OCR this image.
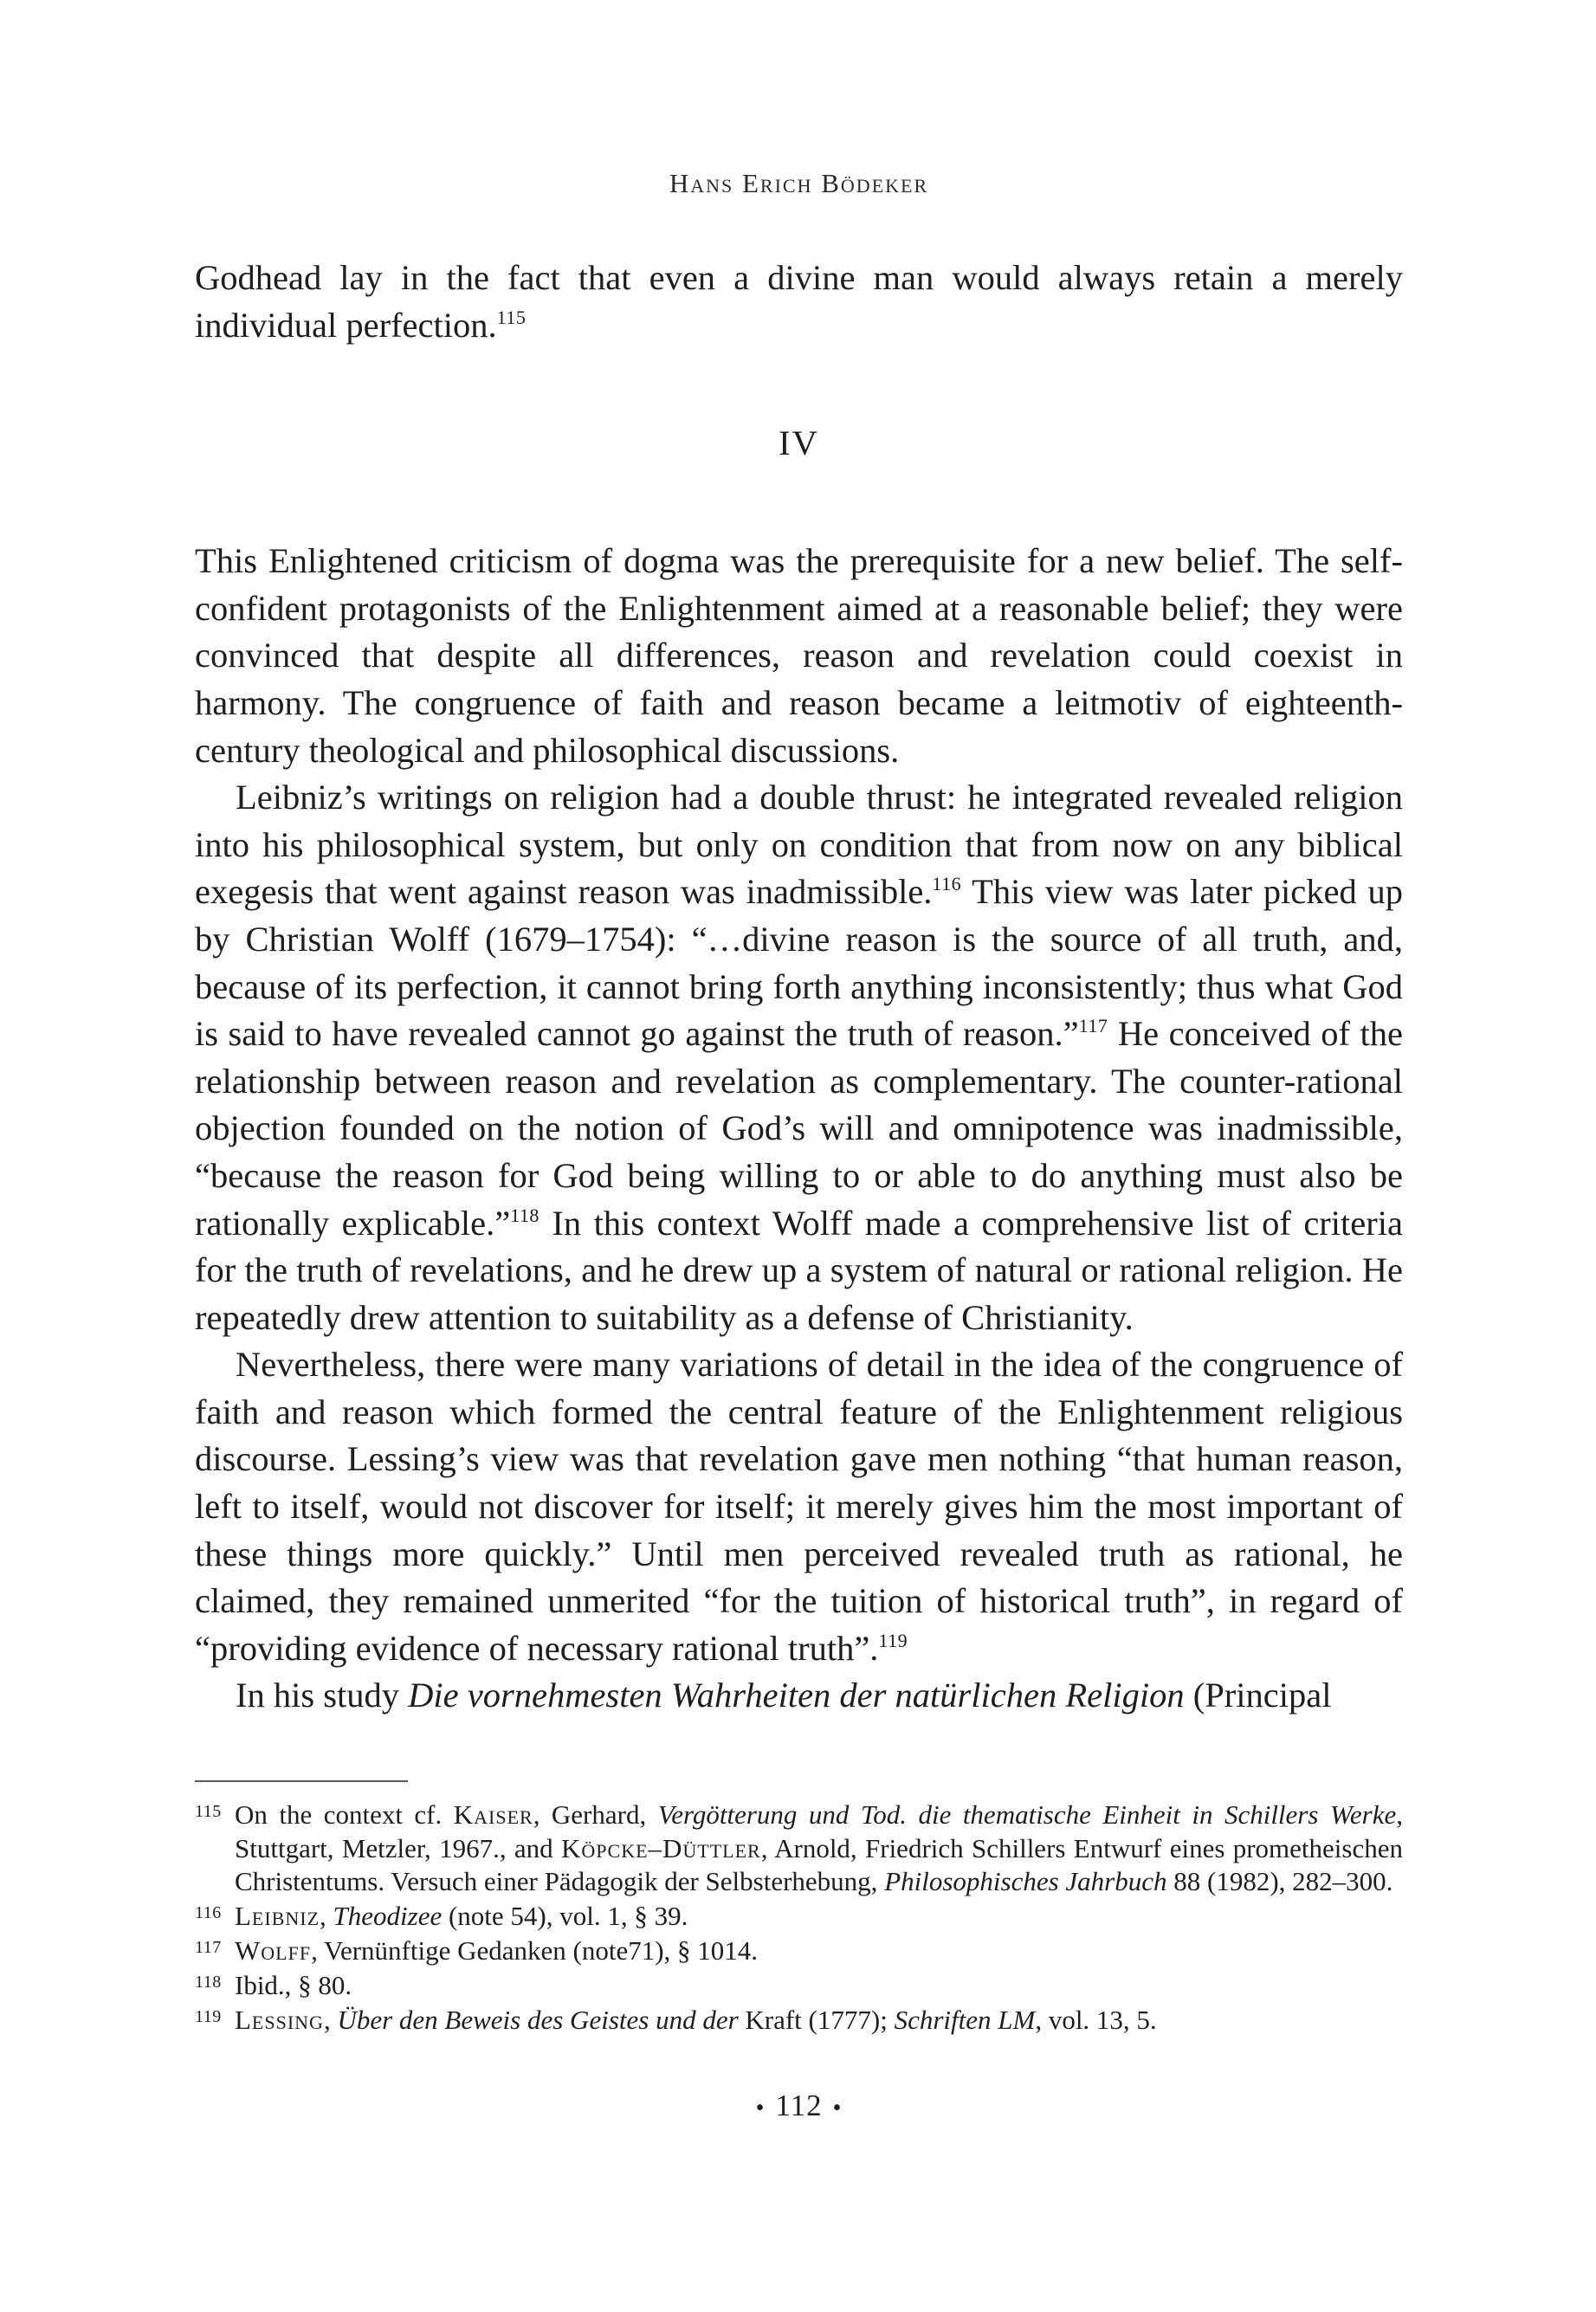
Hans Erich Bödeker

Godhead lay in the fact that even a divine man would always retain a merely individual perfection.$^{115}$

IV

This Enlightened criticism of dogma was the prerequisite for a new belief. The self-confident protagonists of the Enlightenment aimed at a reasonable belief; they were convinced that despite all differences, reason and revelation could coexist in harmony. The congruence of faith and reason became a leitmotiv of eighteenth-century theological and philosophical discussions.

Leibniz’s writings on religion had a double thrust: he integrated revealed religion into his philosophical system, but only on condition that from now on any biblical exegesis that went against reason was inadmissible.$^{116}$ This view was later picked up by Christian Wolff (1679–1754): “…divine reason is the source of all truth, and, because of its perfection, it cannot bring forth anything inconsistently; thus what God is said to have revealed cannot go against the truth of reason.”$^{117}$ He conceived of the relationship between reason and revelation as complementary. The counter-rational objection founded on the notion of God’s will and omnipotence was inadmissible, “because the reason for God being willing to or able to do anything must also be rationally explicable.”$^{118}$ In this context Wolff made a comprehensive list of criteria for the truth of revelations, and he drew up a system of natural or rational religion. He repeatedly drew attention to suitability as a defense of Christianity.

Nevertheless, there were many variations of detail in the idea of the congruence of faith and reason which formed the central feature of the Enlightenment religious discourse. Lessing’s view was that revelation gave men nothing “that human reason, left to itself, would not discover for itself; it merely gives him the most important of these things more quickly.” Until men perceived revealed truth as rational, he claimed, they remained unmerited “for the tuition of historical truth”, in regard of “providing evidence of necessary rational truth”.$^{119}$

In his study Die vornehmesten Wahrheiten der natürlichen Religion (Principal

115 On the context cf. Kaiser, Gerhard, Vergötterung und Tod. die thematische Einheit in Schillers Werke, Stuttgart, Metzler, 1967., and Köpcke–Düttler, Arnold, Friedrich Schillers Entwurf eines prometheischen Christentums. Versuch einer Pädagogik der Selbsterhebung, Philosophisches Jahrbuch 88 (1982), 282–300.
116 Leibniz, Theodizee (note 54), vol. 1, § 39.
117 Wolff, Vernünftige Gedanken (note71), § 1014.
118 Ibid., § 80.
119 Lessing, Über den Beweis des Geistes und der Kraft (1777); Schriften LM, vol. 13, 5.
• 112 •
